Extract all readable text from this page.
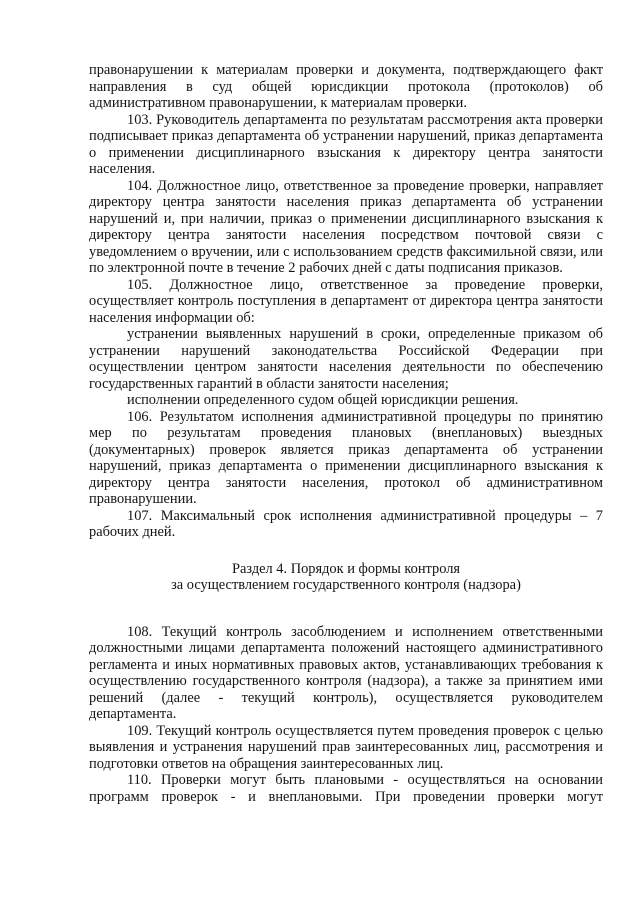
правонарушении к материалам проверки и документа, подтверждающего факт направления в суд общей юрисдикции протокола (протоколов) об административном правонарушении, к материалам проверки.

103. Руководитель департамента по результатам рассмотрения акта проверки подписывает приказ департамента об устранении нарушений, приказ департамента о применении дисциплинарного взыскания к директору центра занятости населения.

104. Должностное лицо, ответственное за проведение проверки, направляет директору центра занятости населения приказ департамента об устранении нарушений и, при наличии, приказ о применении дисциплинарного взыскания к директору центра занятости населения посредством почтовой связи с уведомлением о вручении, или с использованием средств факсимильной связи, или по электронной почте в течение 2 рабочих дней с даты подписания приказов.

105. Должностное лицо, ответственное за проведение проверки, осуществляет контроль поступления в департамент от директора центра занятости населения информации об:

устранении выявленных нарушений в сроки, определенные приказом об устранении нарушений законодательства Российской Федерации при осуществлении центром занятости населения деятельности по обеспечению государственных гарантий в области занятости населения;

исполнении определенного судом общей юрисдикции решения.

106. Результатом исполнения административной процедуры по принятию мер по результатам проведения плановых (внеплановых) выездных (документарных) проверок является приказ департамента об устранении нарушений, приказ департамента о применении дисциплинарного взыскания к директору центра занятости населения, протокол об административном правонарушении.

107. Максимальный срок исполнения административной процедуры – 7 рабочих дней.

Раздел 4. Порядок и формы контроля

за осуществлением государственного контроля (надзора)

108. Текущий контроль засоблюдением и исполнением ответственными должностными лицами департамента положений настоящего административного регламента и иных нормативных правовых актов, устанавливающих требования к осуществлению государственного контроля (надзора), а также за принятием ими решений (далее - текущий контроль), осуществляется руководителем департамента.

109. Текущий контроль осуществляется путем проведения проверок с целью выявления и устранения нарушений прав заинтересованных лиц, рассмотрения и подготовки ответов на обращения заинтересованных лиц.

110. Проверки могут быть плановыми - осуществляться на основании программ проверок - и внеплановыми. При проведении проверки могут
